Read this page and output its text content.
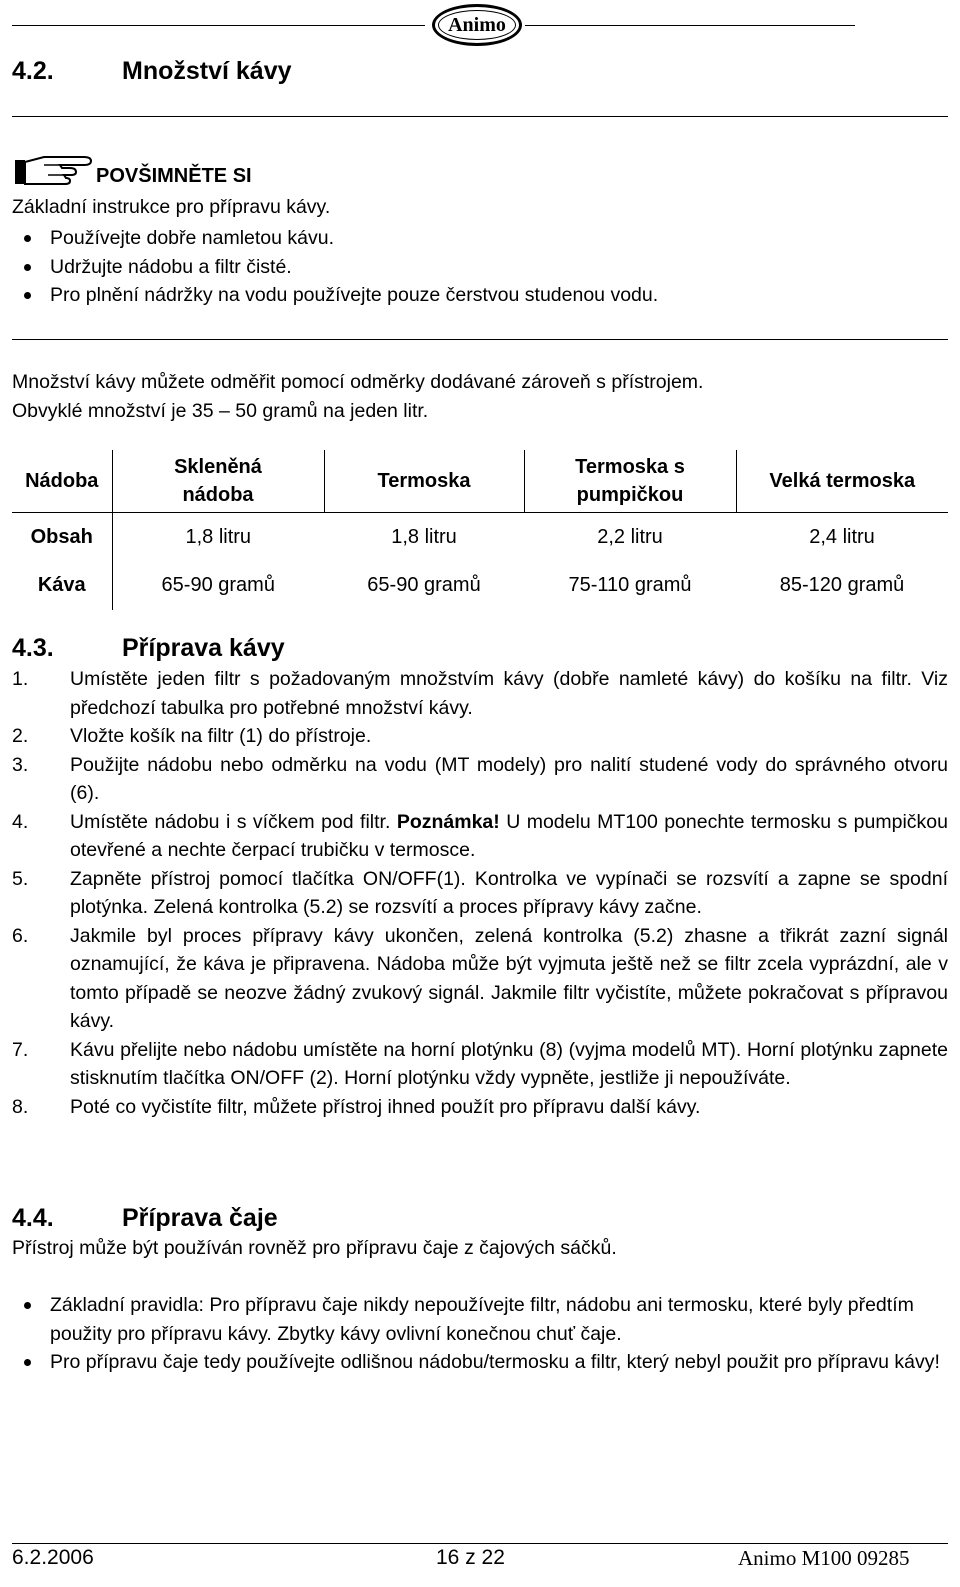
Animo
4.2.	Množství kávy
POVŠIMNĚTE SI
Základní instrukce pro přípravu kávy.
Používejte dobře namletou kávu.
Udržujte nádobu a filtr čisté.
Pro plnění nádržky na vodu používejte pouze čerstvou studenou vodu.
Množství kávy můžete odměřit pomocí odměrky dodávané zároveň s přístrojem.
Obvyklé množství je 35 – 50 gramů na jeden litr.
Nádoba	Skleněná nádoba	Termoska	Termoska s pumpičkou	Velká termoska
Obsah	1,8 litru	1,8 litru	2,2 litru	2,4 litru
Káva	65-90 gramů	65-90 gramů	75-110 gramů	85-120 gramů
4.3.	Příprava kávy
1. Umístěte jeden filtr s požadovaným množstvím kávy (dobře namleté kávy) do košíku na filtr. Viz předchozí tabulka pro potřebné množství kávy.
2. Vložte košík na filtr (1) do přístroje.
3. Použijte nádobu nebo odměrku na vodu (MT modely) pro nalití studené vody do správného otvoru (6).
4. Umístěte nádobu i s víčkem pod filtr. Poznámka! U modelu MT100 ponechte termosku s pumpičkou otevřené a nechte čerpací trubičku v termosce.
5. Zapněte přístroj pomocí tlačítka ON/OFF(1). Kontrolka ve vypínači se rozsvítí a zapne se spodní plotýnka. Zelená kontrolka (5.2) se rozsvítí a proces přípravy kávy začne.
6. Jakmile byl proces přípravy kávy ukončen, zelená kontrolka (5.2) zhasne a třikrát zazní signál oznamující, že káva je připravena. Nádoba může být vyjmuta ještě než se filtr zcela vyprázdní, ale v tomto případě se neozve žádný zvukový signál. Jakmile filtr vyčistíte, můžete pokračovat s přípravou kávy.
7. Kávu přelijte nebo nádobu umístěte na horní plotýnku (8) (vyjma modelů MT). Horní plotýnku zapnete stisknutím tlačítka ON/OFF (2). Horní plotýnku vždy vypněte, jestliže ji nepoužíváte.
8. Poté co vyčistíte filtr, můžete přístroj ihned použít pro přípravu další kávy.
4.4.	Příprava čaje
Přístroj může být používán rovněž pro přípravu čaje z čajových sáčků.
Základní pravidla: Pro přípravu čaje nikdy nepoužívejte filtr, nádobu ani termosku, které byly předtím použity pro přípravu kávy. Zbytky kávy ovlivní konečnou chuť čaje.
Pro přípravu čaje tedy používejte odlišnou nádobu/termosku a filtr, který nebyl použit pro přípravu kávy!
6.2.2006	16 z 22	Animo M100 09285
